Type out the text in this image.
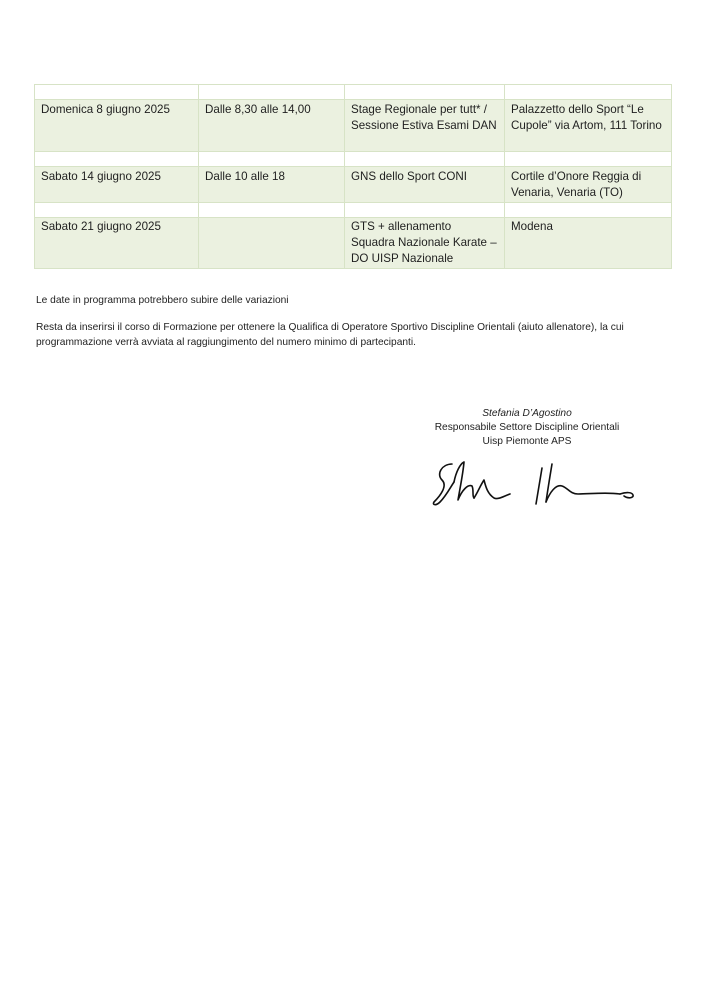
Domenica 8 giugno 2025	Dalle 8,30 alle 14,00	Stage Regionale per tutt* / Sessione Estiva Esami DAN	Palazzetto dello Sport “Le Cupole” via Artom, 111 Torino

Sabato 14 giugno 2025	Dalle 10 alle 18	GNS dello Sport CONI	Cortile d’Onore Reggia di Venaria, Venaria (TO)

Sabato 21 giugno 2025		GTS + allenamento Squadra Nazionale Karate – DO UISP Nazionale	Modena
Le date in programma potrebbero subire delle variazioni
Resta da inserirsi il corso di Formazione per ottenere la Qualifica di Operatore Sportivo Discipline Orientali (aiuto allenatore), la cui programmazione verrà avviata al raggiungimento del numero minimo di partecipanti.
Stefania D’Agostino
Responsabile Settore Discipline Orientali
Uisp Piemonte APS
